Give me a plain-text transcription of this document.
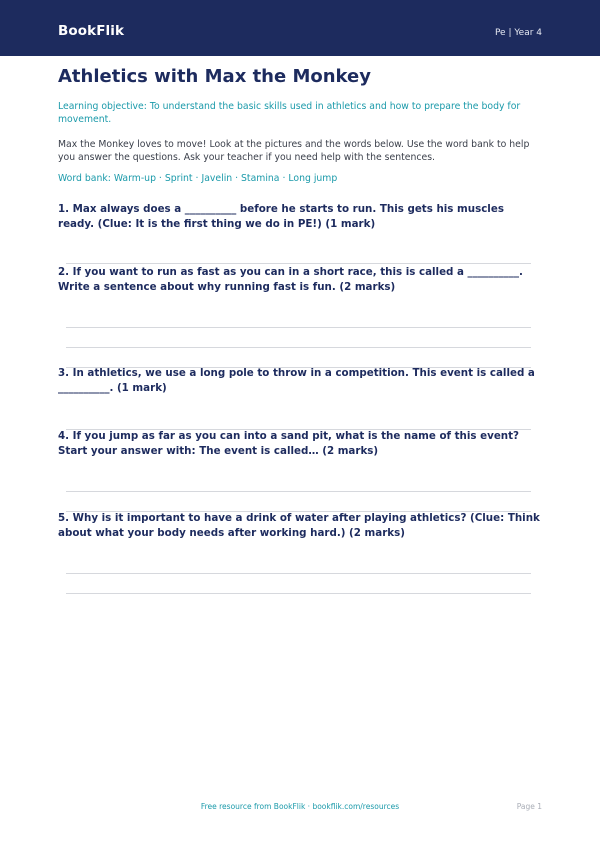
BookFlik	Pe | Year 4
Athletics with Max the Monkey

Learning objective: To understand the basic skills used in athletics and how to prepare the body for movement.

Max the Monkey loves to move! Look at the pictures and the words below. Use the word bank to help you answer the questions. Ask your teacher if you need help with the sentences.

Word bank: Warm-up · Sprint · Javelin · Stamina · Long jump

1. Max always does a __________ before he starts to run. This gets his muscles ready. (Clue: It is the first thing we do in PE!) (1 mark)

2. If you want to run as fast as you can in a short race, this is called a __________. Write a sentence about why running fast is fun. (2 marks)

3. In athletics, we use a long pole to throw in a competition. This event is called a __________. (1 mark)

4. If you jump as far as you can into a sand pit, what is the name of this event? Start your answer with: The event is called… (2 marks)

5. Why is it important to have a drink of water after playing athletics? (Clue: Think about what your body needs after working hard.) (2 marks)

Free resource from BookFlik · bookflik.com/resources	Page 1
